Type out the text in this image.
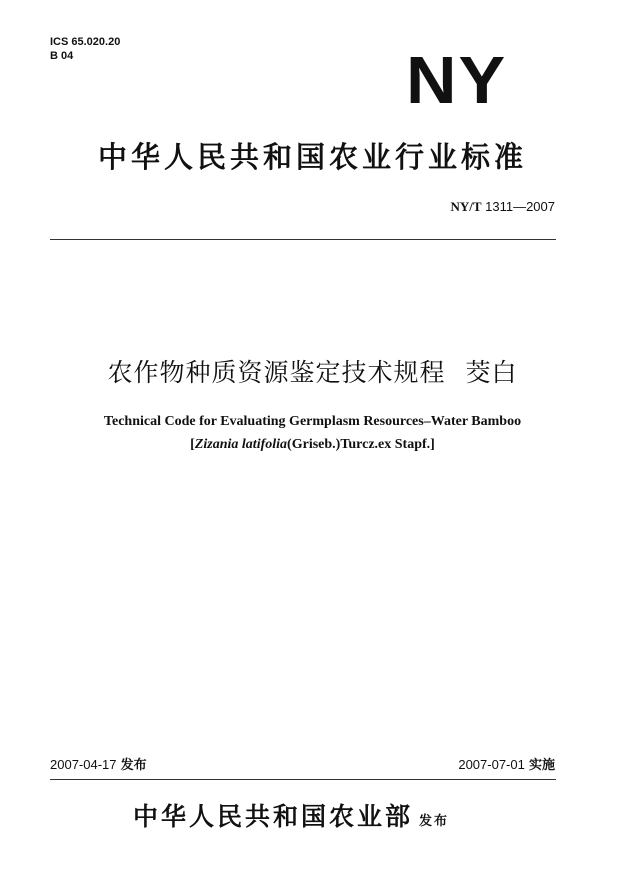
ICS 65.020.20
B 04	NY
中华人民共和国农业行业标准
NY/T 1311—2007
农作物种质资源鉴定技术规程 茭白
Technical Code for Evaluating Germplasm Resources–Water Bamboo
[Zizania latifolia(Griseb.)Turcz.ex Stapf.]
2007-04-17 发布	2007-07-01 实施
中华人民共和国农业部 发布
